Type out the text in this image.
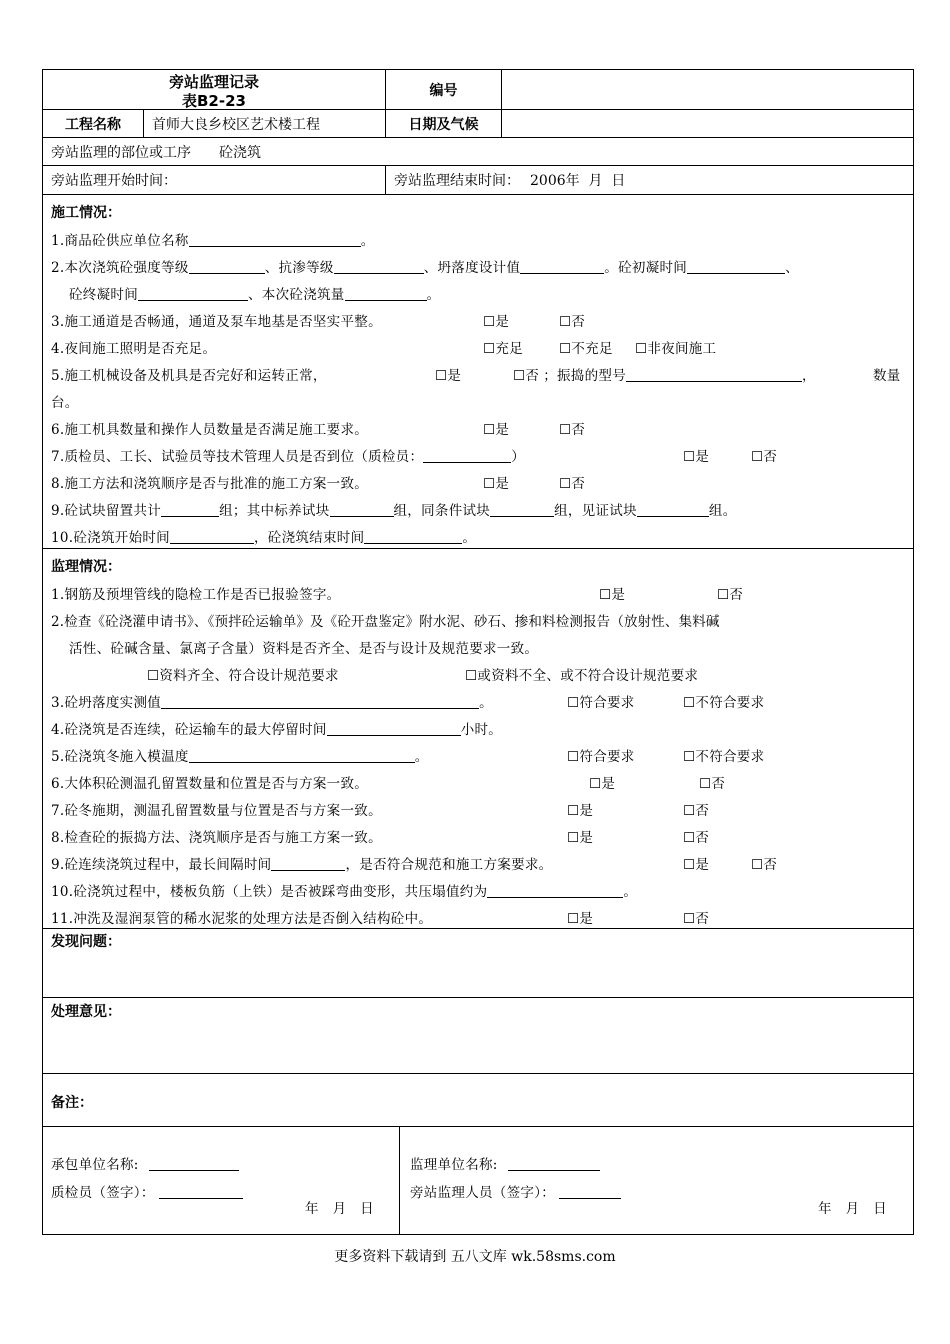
旁站监理记录
表B2-23
编号
工程名称	首师大良乡校区艺术楼工程	日期及气候
旁站监理的部位或工序 砼浇筑
旁站监理开始时间：	旁站监理结束时间： 2006年  月  日
施工情况：
1.商品砼供应单位名称	。
2.本次浇筑砼强度等级	、抗渗等级	、坍落度设计值	。砼初凝时间	、
砼终凝时间	、本次砼浇筑量	。
3.施工通道是否畅通，通道及泵车地基是否坚实平整。	☐是	☐否
4.夜间施工照明是否充足。	☐充足	☐不充足 ☐非夜间施工
5.施工机械设备及机具是否完好和运转正常，	☐是	☐否 ；振捣的型号	，	数量
台。
6.施工机具数量和操作人员数量是否满足施工要求。	☐是	☐否
7.质检员、工长、试验员等技术管理人员是否到位（质检员：	）	☐是	☐否
8.施工方法和浇筑顺序是否与批准的施工方案一致。	☐是	☐否
9.砼试块留置共计	组；其中标养试块	组，同条件试块	组，见证试块	组。
10.砼浇筑开始时间	，砼浇筑结束时间	。
监理情况：
1.钢筋及预埋管线的隐检工作是否已报验签字。	☐是	☐否
2.检查《砼浇灌申请书》、《预拌砼运输单》及《砼开盘鉴定》附水泥、砂石、掺和料检测报告（放射性、集料碱
活性、砼碱含量、氯离子含量）资料是否齐全、是否与设计及规范要求一致。
☐资料齐全、符合设计规范要求	☐或资料不全、或不符合设计规范要求
3.砼坍落度实测值	。	☐符合要求	☐不符合要求
4.砼浇筑是否连续，砼运输车的最大停留时间	小时。
5.砼浇筑冬施入模温度	。	☐符合要求	☐不符合要求
6.大体积砼测温孔留置数量和位置是否与方案一致。	☐是	☐否
7.砼冬施期，测温孔留置数量与位置是否与方案一致。	☐是	☐否
8.检查砼的振捣方法、浇筑顺序是否与施工方案一致。	☐是	☐否
9.砼连续浇筑过程中，最长间隔时间	，是否符合规范和施工方案要求。	☐是	☐否
10.砼浇筑过程中，楼板负筋（上铁）是否被踩弯曲变形，共压塌值约为	。
11.冲洗及湿润泵管的稀水泥浆的处理方法是否倒入结构砼中。	☐是	☐否
发现问题：
处理意见：
备注：
承包单位名称:
质检员（签字）：
年   月   日
监理单位名称:
旁站监理人员（签字）：
年   月   日
更多资料下载请到 五八文库 wk.58sms.com
